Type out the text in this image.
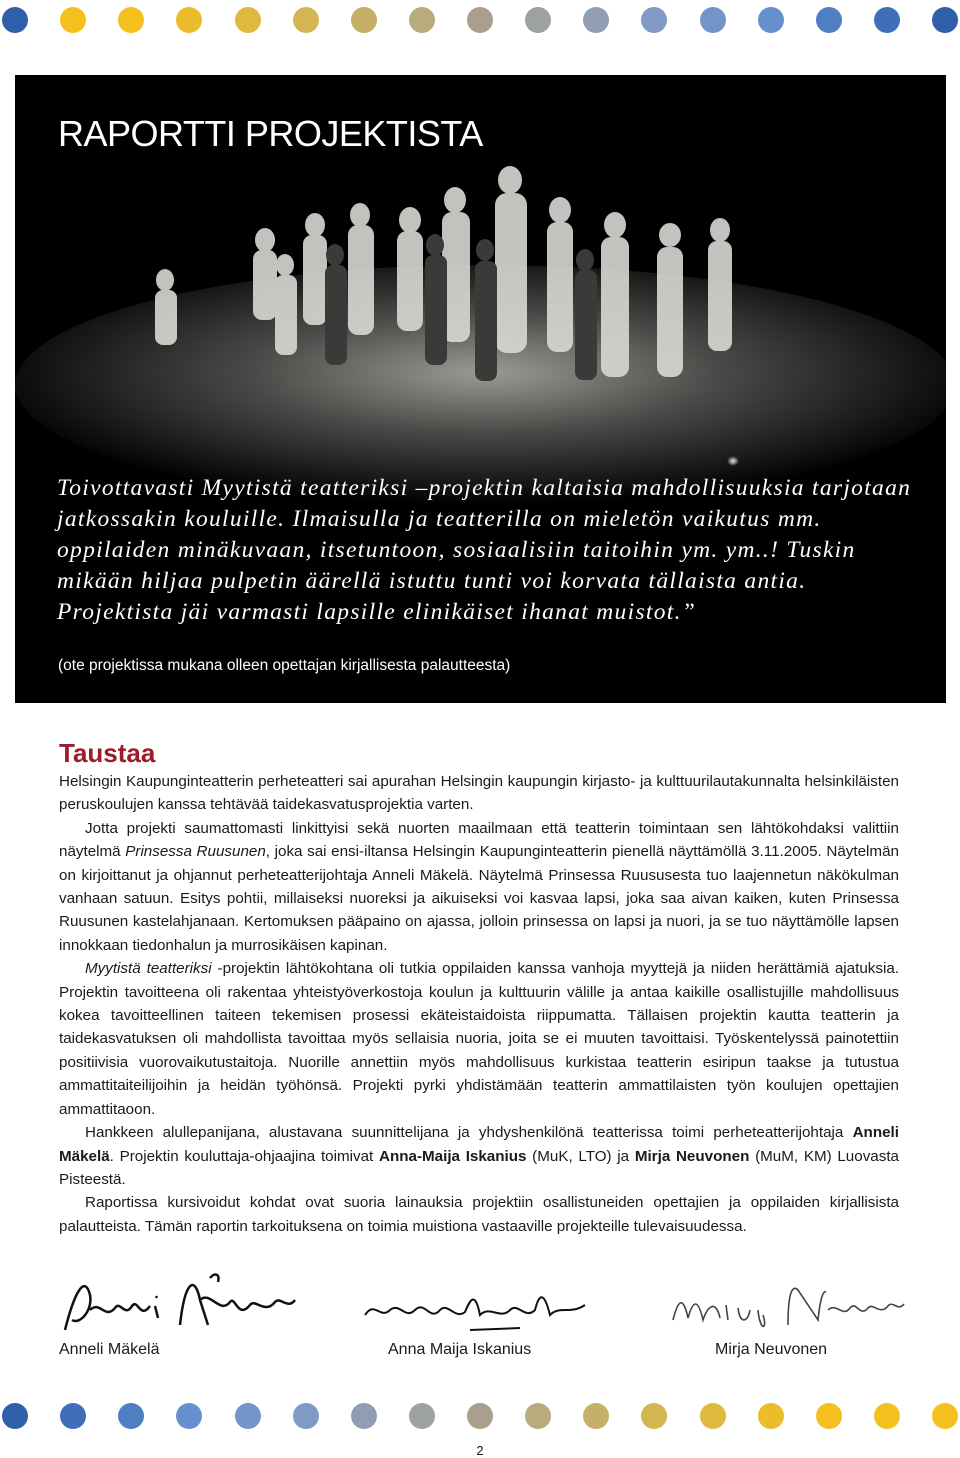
RAPORTTI PROJEKTISTA

Toivottavasti Myytistä teatteriksi –projektin kaltaisia mahdollisuuksia tarjotaan jatkossakin kouluille. Ilmaisulla ja teatterilla on mieletön vaikutus mm. oppilaiden minäkuvaan, itsetuntoon, sosiaalisiin taitoihin ym. ym..! Tuskin mikään hiljaa pulpetin äärellä istuttu tunti voi korvata tällaista antia. Projektista jäi varmasti lapsille elinikäiset ihanat muistot.”

(ote projektissa mukana olleen opettajan kirjallisesta palautteesta)

Taustaa

Helsingin Kaupunginteatterin perheteatteri sai apurahan Helsingin kaupungin kirjasto- ja kulttuurilautakunnalta helsinkiläisten peruskoulujen kanssa tehtävää taidekasvatusprojektia varten.

Jotta projekti saumattomasti linkittyisi sekä nuorten maailmaan että teatterin toimintaan sen lähtökohdaksi valittiin näytelmä Prinsessa Ruusunen, joka sai ensi-iltansa Helsingin Kaupunginteatterin pienellä näyttämöllä 3.11.2005. Näytelmän on kirjoittanut ja ohjannut perheteatterijohtaja Anneli Mäkelä. Näytelmä Prinsessa Ruususesta tuo laajennetun näkökulman vanhaan satuun. Esitys pohtii, millaiseksi nuoreksi ja aikuiseksi voi kasvaa lapsi, joka saa aivan kaiken, kuten Prinsessa Ruusunen kastelahjanaan. Kertomuksen pääpaino on ajassa, jolloin prinsessa on lapsi ja nuori, ja se tuo näyttämölle lapsen innokkaan tiedonhalun ja murrosikäisen kapinan.

Myytistä teatteriksi -projektin lähtökohtana oli tutkia oppilaiden kanssa vanhoja myyttejä ja niiden herättämiä ajatuksia. Projektin tavoitteena oli rakentaa yhteistyöverkostoja koulun ja kulttuurin välille ja antaa kaikille osallistujille mahdollisuus kokea tavoitteellinen taiteen tekemisen prosessi ekäteistaidoista riippumatta. Tällaisen projektin kautta teatterin ja taidekasvatuksen oli mahdollista tavoittaa myös sellaisia nuoria, joita se ei muuten tavoittaisi. Työskentelyssä painotettiin positiivisia vuorovaikutustaitoja. Nuorille annettiin myös mahdollisuus kurkistaa teatterin esiripun taakse ja tutustua ammattitaiteilijoihin ja heidän työhönsä. Projekti pyrki yhdistämään teatterin ammattilaisten työn koulujen opettajien ammattitaoon.

Hankkeen alullepanijana, alustavana suunnittelijana ja yhdyshenkilönä teatterissa toimi perheteatterijohtaja Anneli Mäkelä. Projektin kouluttaja-ohjaajina toimivat Anna-Maija Iskanius (MuK, LTO) ja Mirja Neuvonen (MuM, KM) Luovasta Pisteestä.

Raportissa kursivoidut kohdat ovat suoria lainauksia projektiin osallistuneiden opettajien ja oppilaiden kirjallisista palautteista. Tämän raportin tarkoituksena on toimia muistiona vastaaville projekteille tulevaisuudessa.

Anneli Mäkelä	Anna Maija Iskanius	Mirja Neuvonen

2
